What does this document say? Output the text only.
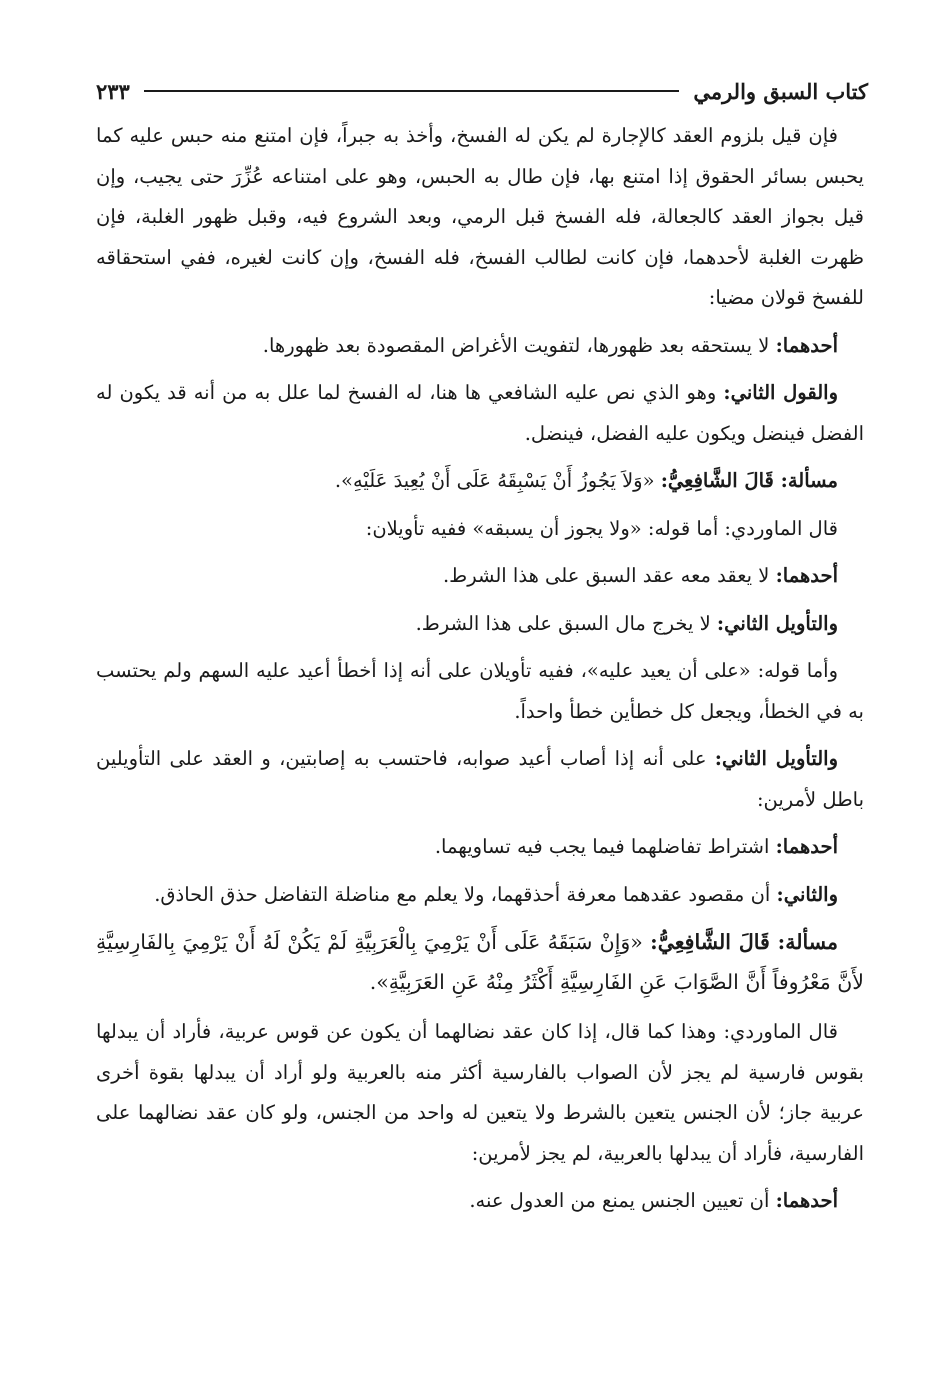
كتاب السبق والرمي
٢٣٣

فإن قيل بلزوم العقد كالإجارة لم يكن له الفسخ، وأخذ به جبراً، فإن امتنع منه حبس عليه كما يحبس بسائر الحقوق إذا امتنع بها، فإن طال به الحبس، وهو على امتناعه عُزِّرَ حتى يجيب، وإن قيل بجواز العقد كالجعالة، فله الفسخ قبل الرمي، وبعد الشروع فيه، وقبل ظهور الغلبة، فإن ظهرت الغلبة لأحدهما، فإن كانت لطالب الفسخ، فله الفسخ، وإن كانت لغيره، ففي استحقاقه للفسخ قولان مضيا:

أحدهما: لا يستحقه بعد ظهورها، لتفويت الأغراض المقصودة بعد ظهورها.

والقول الثاني: وهو الذي نص عليه الشافعي ها هنا، له الفسخ لما علل به من أنه قد يكون له الفضل فينضل ويكون عليه الفضل، فينضل.

مسألة: قَالَ الشَّافِعِيُّ: «وَلاَ يَجُوزُ أَنْ يَسْبِقَهُ عَلَى أَنْ يُعِيدَ عَلَيْهِ».

قال الماوردي: أما قوله: «ولا يجوز أن يسبقه» ففيه تأويلان:

أحدهما: لا يعقد معه عقد السبق على هذا الشرط.

والتأويل الثاني: لا يخرج مال السبق على هذا الشرط.

وأما قوله: «على أن يعيد عليه»، ففيه تأويلان على أنه إذا أخطأ أعيد عليه السهم ولم يحتسب به في الخطأ، ويجعل كل خطأين خطأ واحداً.

والتأويل الثاني: على أنه إذا أصاب أعيد صوابه، فاحتسب به إصابتين، و العقد على التأويلين باطل لأمرين:

أحدهما: اشتراط تفاضلهما فيما يجب فيه تساويهما.

والثاني: أن مقصود عقدهما معرفة أحذقهما، ولا يعلم مع مناضلة التفاضل حذق الحاذق.

مسألة: قَالَ الشَّافِعِيُّ: «وَإِنْ سَبَقَهُ عَلَى أَنْ يَرْمِيَ بِالْعَرَبِيَّةِ لَمْ يَكُنْ لَهُ أَنْ يَرْمِيَ بِالفَارِسِيَّةِ لأَنَّ مَعْرُوفاً أَنَّ الصَّوَابَ عَنِ الفَارِسِيَّةِ أَكْثَرُ مِنْهُ عَنِ العَرَبِيَّةِ».

قال الماوردي: وهذا كما قال، إذا كان عقد نضالهما أن يكون عن قوس عربية، فأراد أن يبدلها بقوس فارسية لم يجز لأن الصواب بالفارسية أكثر منه بالعربية ولو أراد أن يبدلها بقوة أخرى عربية جاز؛ لأن الجنس يتعين بالشرط ولا يتعين له واحد من الجنس، ولو كان عقد نضالهما على الفارسية، فأراد أن يبدلها بالعربية، لم يجز لأمرين:

أحدهما: أن تعيين الجنس يمنع من العدول عنه.
